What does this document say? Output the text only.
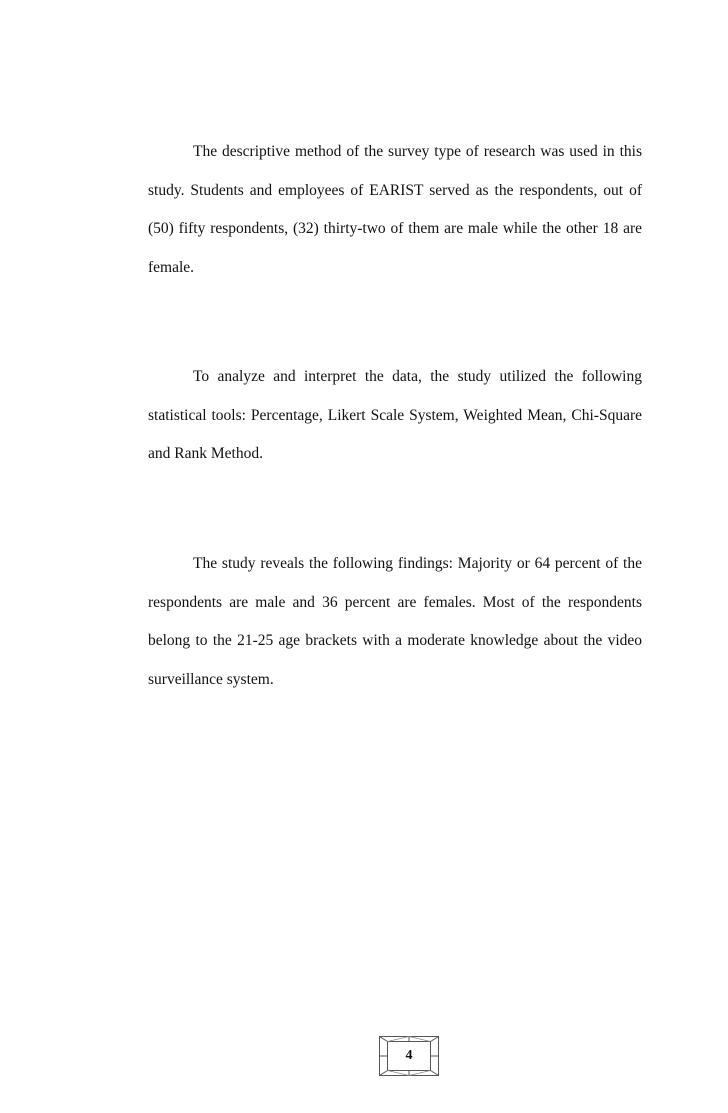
The descriptive method of the survey type of research was used in this study. Students and employees of EARIST served as the respondents, out of (50) fifty respondents, (32) thirty-two of them are male while the other 18 are female.

To analyze and interpret the data, the study utilized the following statistical tools: Percentage, Likert Scale System, Weighted Mean, Chi-Square and Rank Method.

The study reveals the following findings: Majority or 64 percent of the respondents are male and 36 percent are females. Most of the respondents belong to the 21-25 age brackets with a moderate knowledge about the video surveillance system.

4
